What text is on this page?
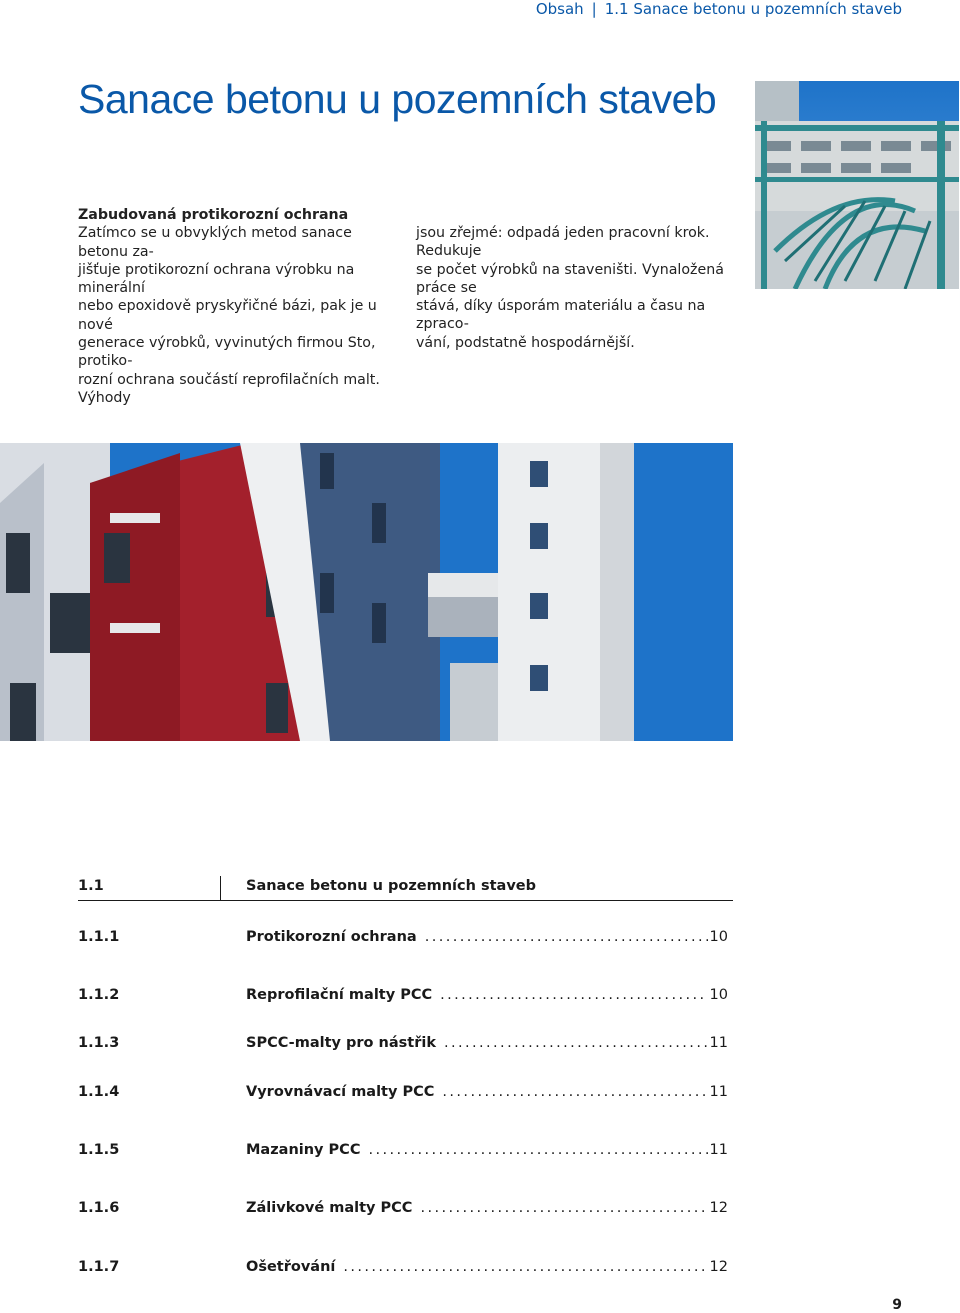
Obsah | 1.1 Sanace betonu u pozemních staveb
Sanace betonu u pozemních staveb
Zabudovaná protikorozní ochrana
Zatímco se u obvyklých metod sanace betonu za-
jišťuje protikorozní ochrana výrobku na minerální
nebo epoxidově pryskyřičné bázi, pak je u nové
generace výrobků, vyvinutých firmou Sto, protiko-
rozní ochrana součástí reprofilačních malt. Výhody
jsou zřejmé: odpadá jeden pracovní krok. Redukuje
se počet výrobků na staveništi. Vynaložená práce se
stává, díky úsporám materiálu a času na zpraco-
vání, podstatně hospodárnější.
1.1	Sanace betonu u pozemních staveb
1.1.1	Protikorozní ochrana .....	10
1.1.2	Reprofilační malty PCC .....	10
1.1.3	SPCC-malty pro nástřik .....	11
1.1.4	Vyrovnávací malty PCC .....	11
1.1.5	Mazaniny PCC .....	11
1.1.6	Zálivkové malty PCC .....	12
1.1.7	Ošetřování .....	12
9
